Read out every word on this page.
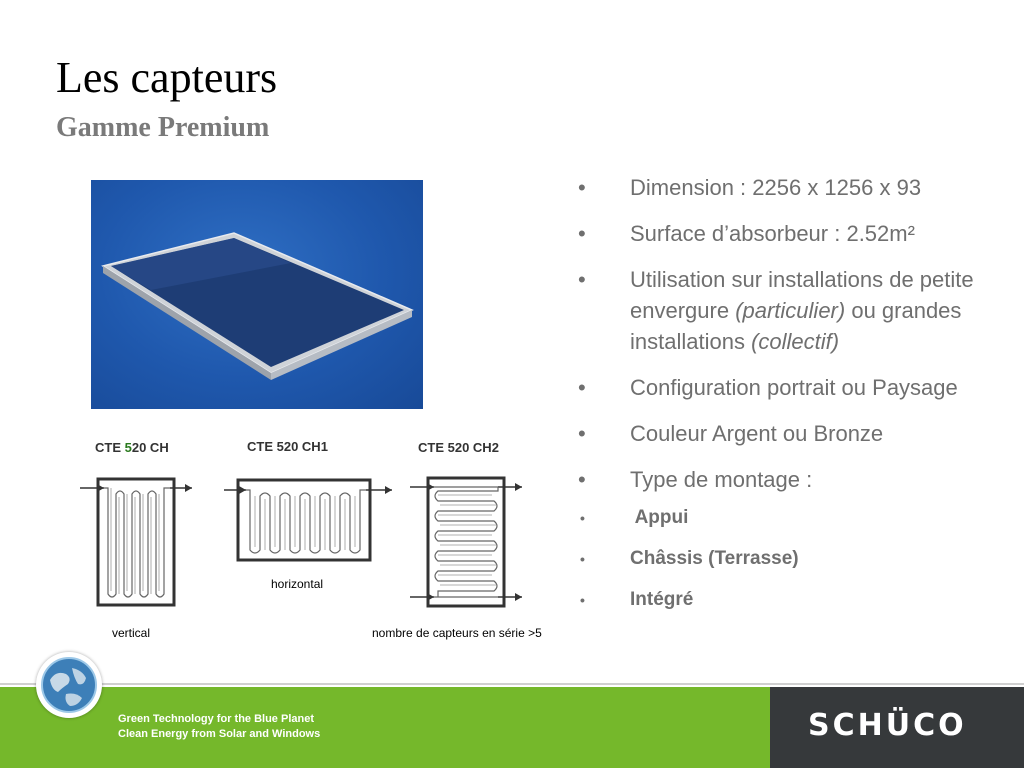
Les capteurs
Gamme Premium
CTE 520 CH	CTE 520 CH1	CTE 520 CH2
horizontal
vertical	nombre de capteurs en série >5
•	Dimension : 2256 x 1256 x 93
•	Surface d’absorbeur : 2.52m²
•	Utilisation sur installations de petite envergure (particulier) ou grandes installations (collectif)
•	Configuration portrait ou Paysage
•	Couleur Argent ou Bronze
•	Type de montage :
•	Appui
•	Châssis (Terrasse)
•	Intégré
Green Technology for the Blue Planet
Clean Energy from Solar and Windows	SCHÜCO
